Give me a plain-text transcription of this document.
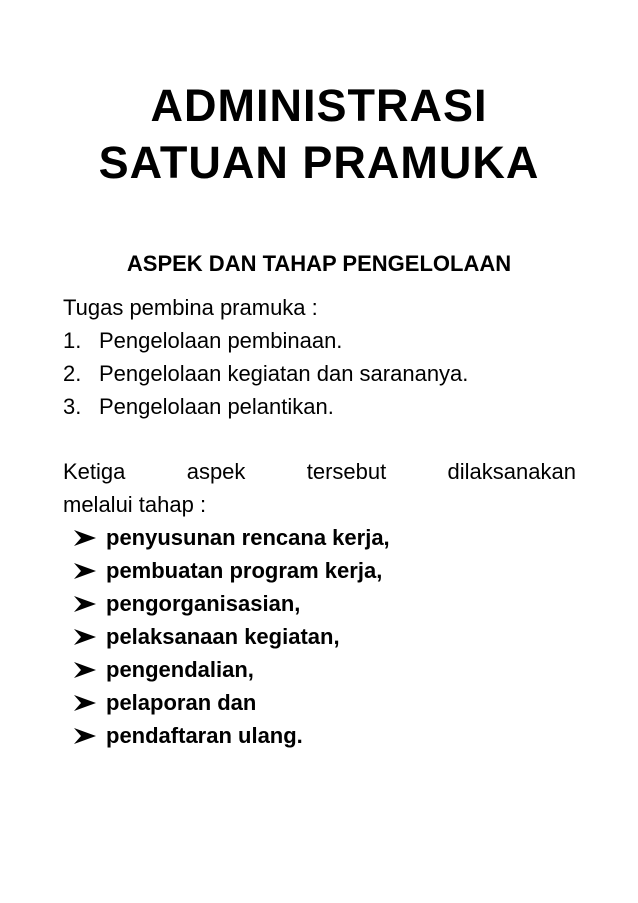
ADMINISTRASI
SATUAN PRAMUKA
ASPEK DAN TAHAP PENGELOLAAN

Tugas pembina pramuka :

1. Pengelolaan pembinaan.
2. Pengelolaan kegiatan dan sarananya.
3. Pengelolaan pelantikan.
Ketiga	aspek	tersebut	dilaksanakan
melalui tahap :
penyusunan rencana kerja,
pembuatan program kerja,
pengorganisasian,
pelaksanaan kegiatan,
pengendalian,
pelaporan dan
pendaftaran ulang.
